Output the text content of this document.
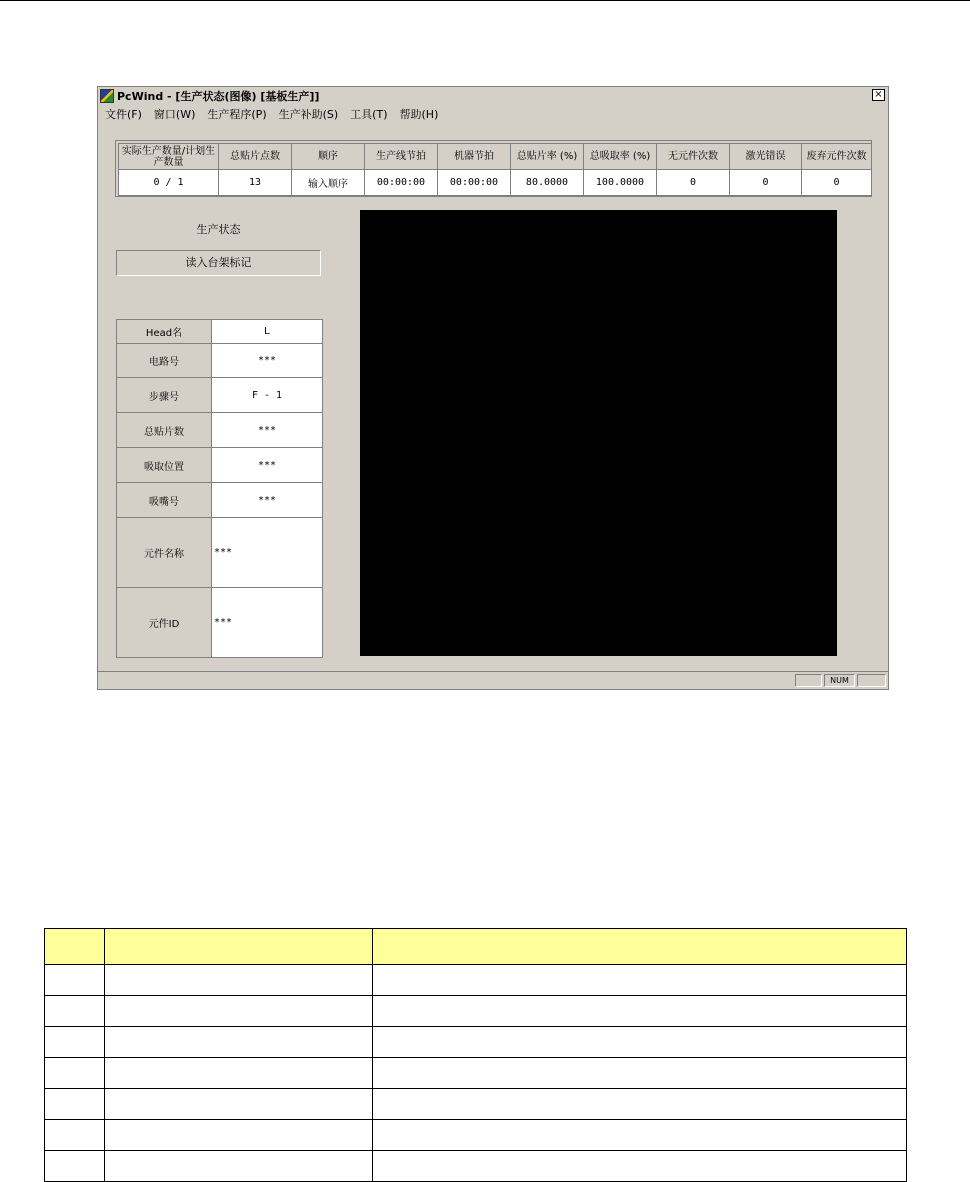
PcWind - [生产状态(图像) [基板生产]]	×
文件(F)	窗口(W)	生产程序(P)	生产补助(S)	工具(T)	帮助(H)
实际生产数量/计划生产数量	总贴片点数	顺序	生产线节拍	机器节拍	总贴片率 (%)	总吸取率 (%)	无元件次数	激光错误	废弃元件次数
0 / 1	13	输入顺序	00:00:00	00:00:00	80.0000	100.0000	0	0	0
生产状态
读入台架标记
Head名	L
电路号	***
步骤号	F - 1
总贴片数	***
吸取位置	***
吸嘴号	***
元件名称	***
元件ID	***
NUM
